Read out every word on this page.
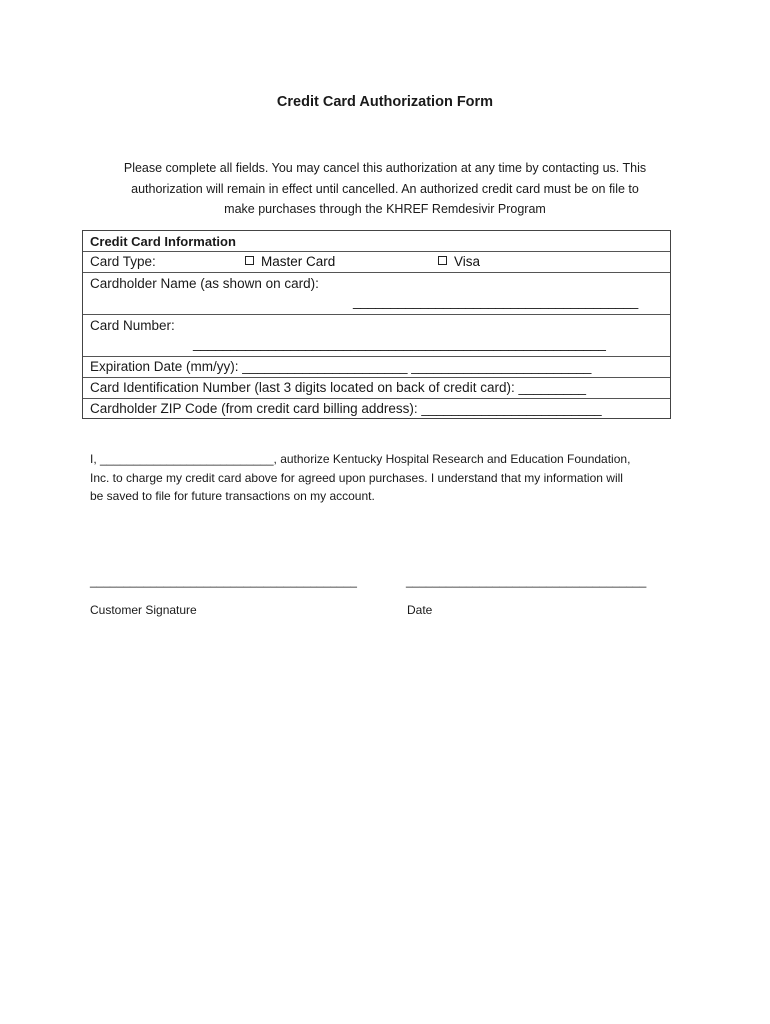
Credit Card Authorization Form
Please complete all fields. You may cancel this authorization at any time by contacting us. This
authorization will remain in effect until cancelled. An authorized credit card must be on file to
make purchases through the KHREF Remdesivir Program
Credit Card Information
Card Type:	Master Card	Visa
Cardholder Name (as shown on card):
______________________________________
Card Number:
_______________________________________________________
Expiration Date (mm/yy): ______________________ ________________________
Card Identification Number (last 3 digits located on back of credit card): _________
Cardholder ZIP Code (from credit card billing address): ________________________
I, __________________________, authorize Kentucky Hospital Research and Education Foundation,
Inc. to charge my credit card above for agreed upon purchases. I understand that my information will
be saved to file for future transactions on my account.
________________________________________	____________________________________
Customer Signature	Date
